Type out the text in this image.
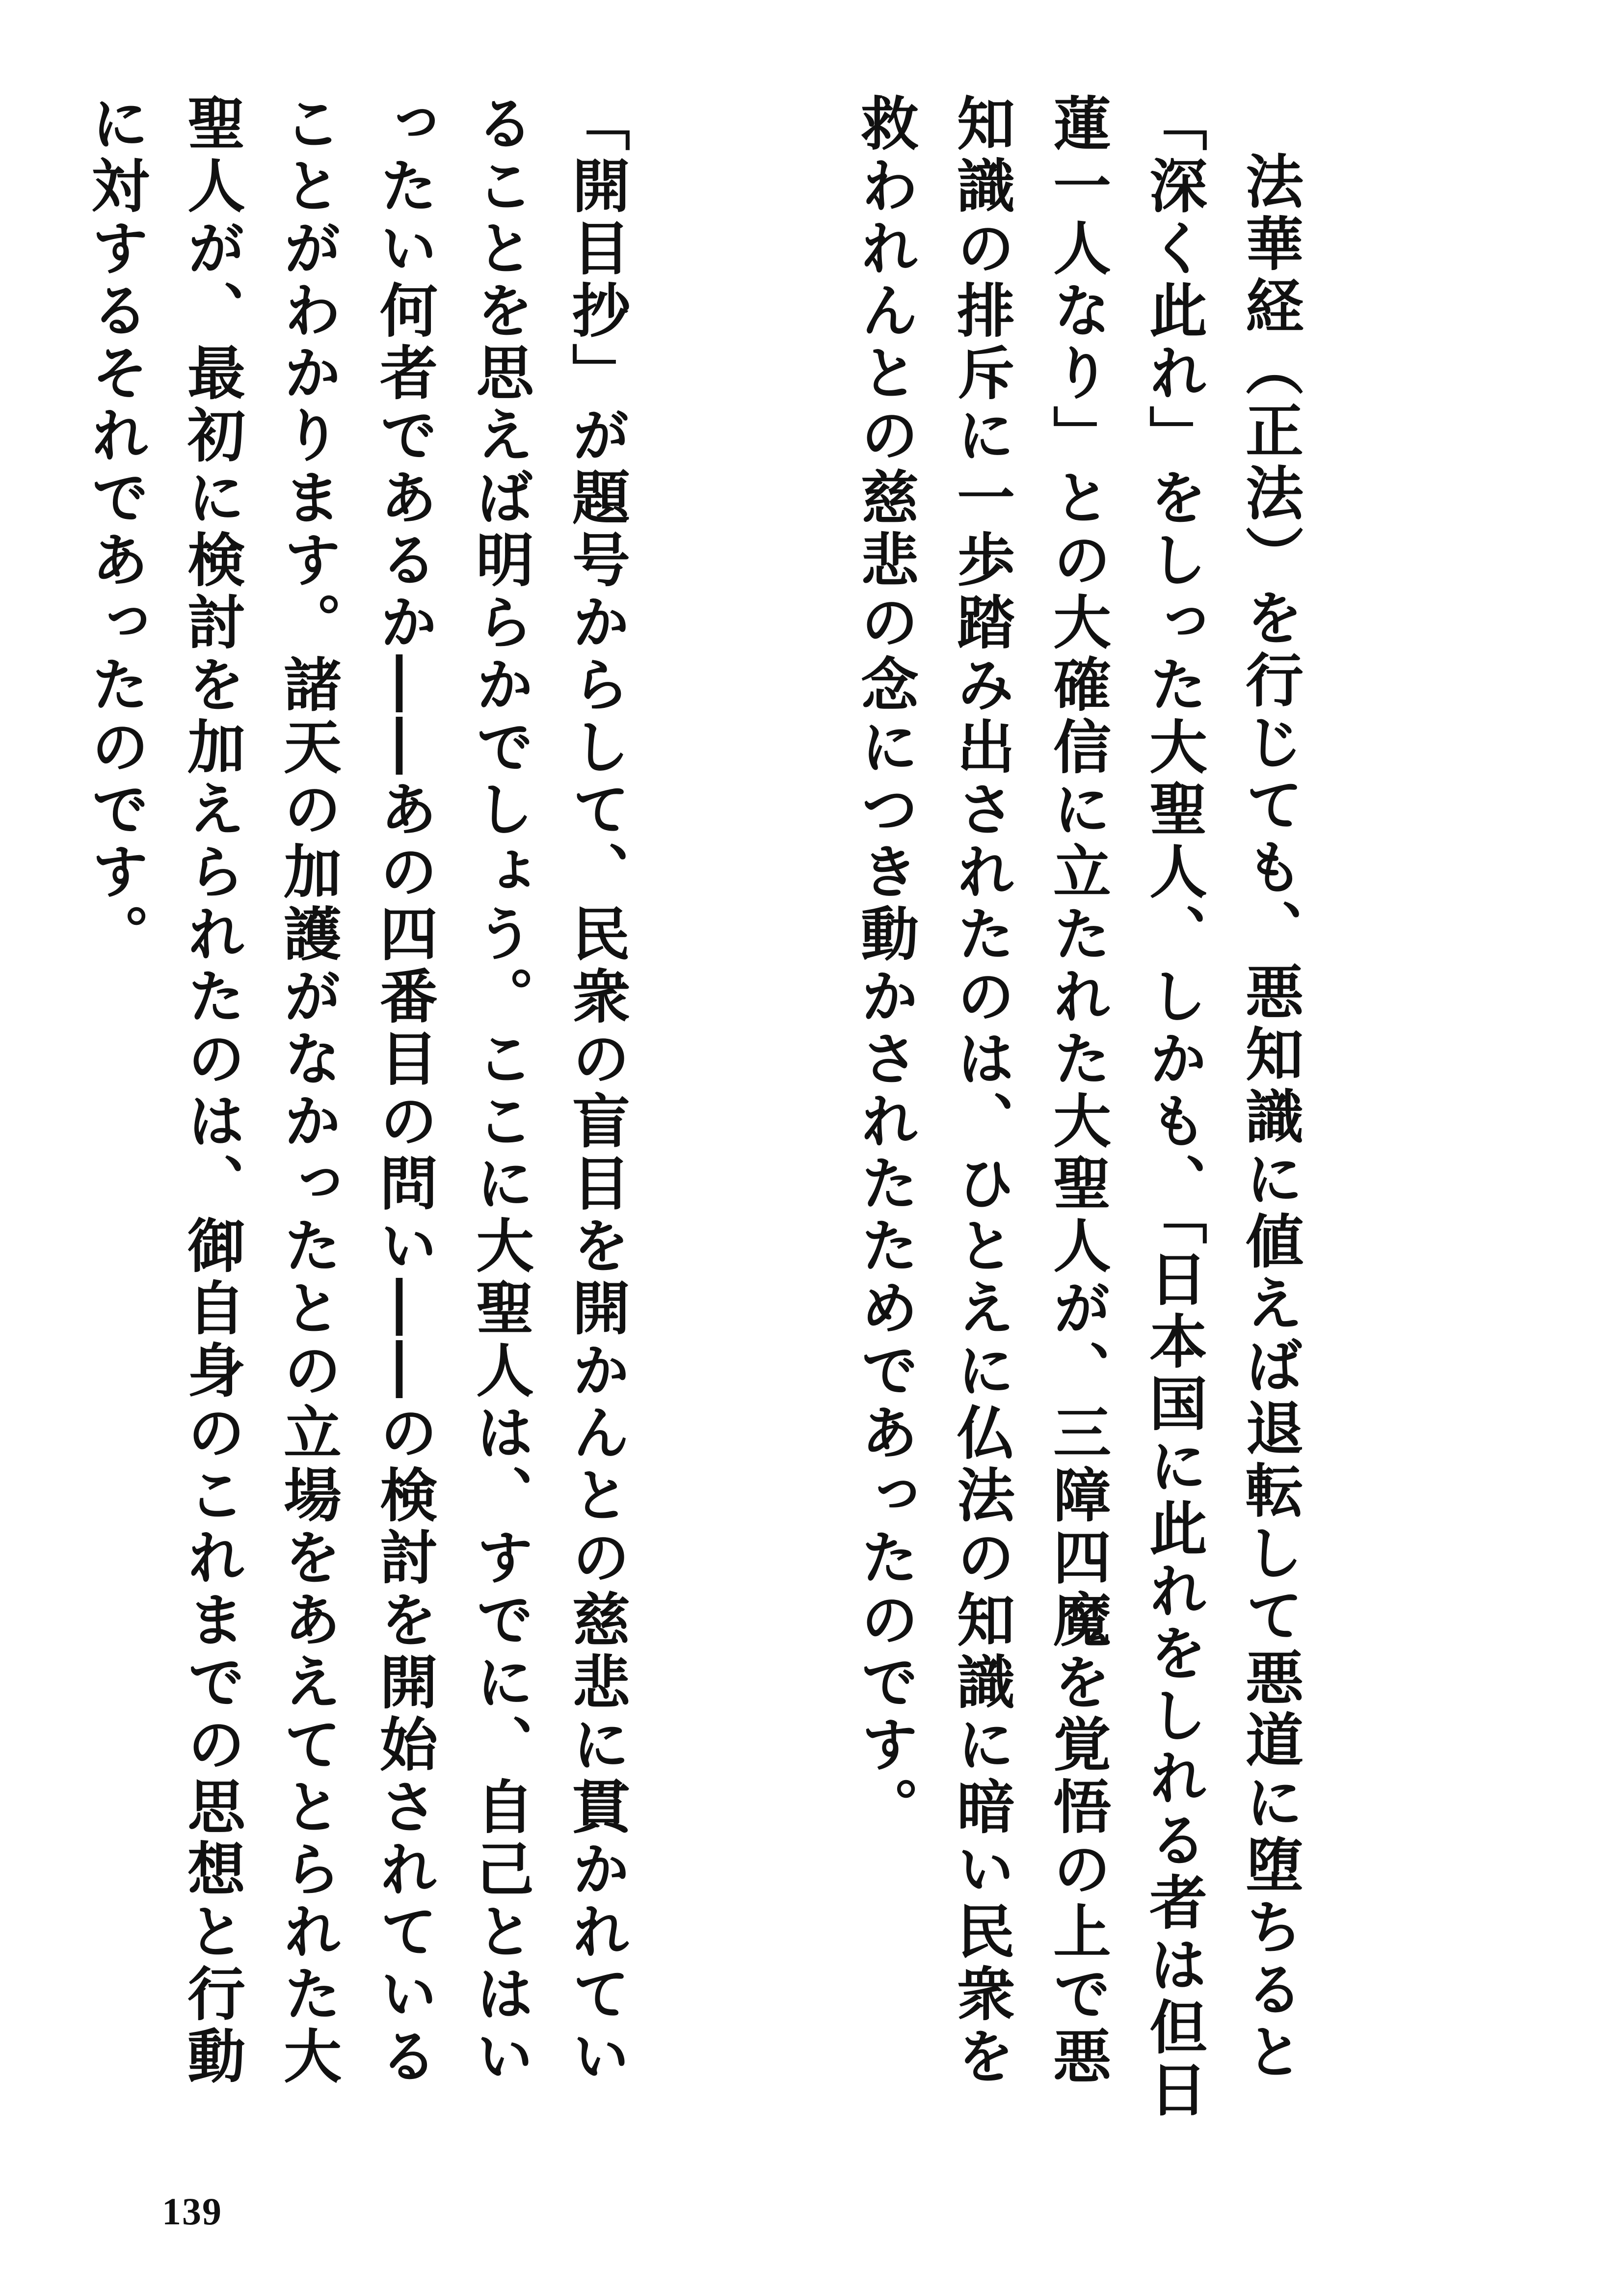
法華経（正法）を行じても、悪知識に値えば退転して悪道に堕ちると「深く此れ」をしった大聖人、しかも、「日本国に此れをしれる者は但日蓮一人なり」との大確信に立たれた大聖人が、三障四魔を覚悟の上で悪知識の排斥に一歩踏み出されたのは、ひとえに仏法の知識に暗い民衆を救われんとの慈悲の念につき動かされたためであったのです。

「開目抄」が題号からして、民衆の盲目を開かんとの慈悲に貫かれていることを思えば明らかでしょう。ここに大聖人は、すでに、自己とはいったい何者であるか――あの四番目の問い――の検討を開始されていることがわかります。諸天の加護がなかったとの立場をあえてとられた大聖人が、最初に検討を加えられたのは、御自身のこれまでの思想と行動に対するそれであったのです。

139
